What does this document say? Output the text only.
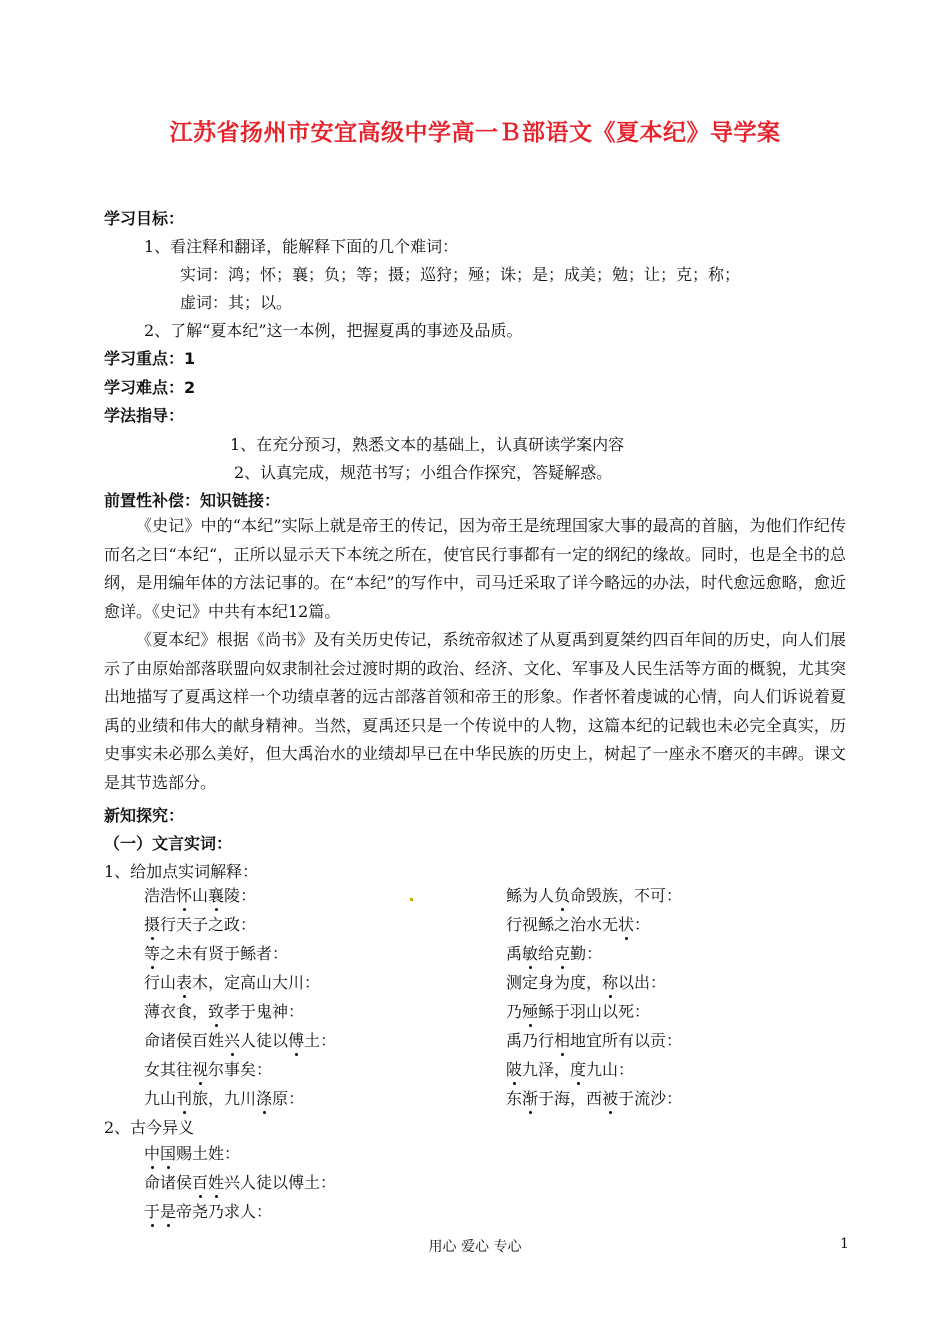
江苏省扬州市安宜高级中学高一Ｂ部语文《夏本纪》导学案
学习目标：
1、看注释和翻译，能解释下面的几个难词：
实词：鸿；怀；襄；负；等；摄；巡狩；殛；诛；是；成美；勉；让；克；称；
虚词：其；以。
2、了解“夏本纪”这一本例，把握夏禹的事迹及品质。
学习重点：1
学习难点：2
学法指导：
1、在充分预习，熟悉文本的基础上，认真研读学案内容
2、认真完成，规范书写；小组合作探究，答疑解惑。
前置性补偿：知识链接：
《史记》中的“本纪”实际上就是帝王的传记，因为帝王是统理国家大事的最高的首脑，为他们作纪传而名之曰“本纪“，正所以显示天下本统之所在，使官民行事都有一定的纲纪的缘故。同时，也是全书的总纲，是用编年体的方法记事的。在“本纪”的写作中，司马迁采取了详今略远的办法，时代愈远愈略，愈近愈详。《史记》中共有本纪12篇。
《夏本纪》根据《尚书》及有关历史传记，系统帝叙述了从夏禹到夏桀约四百年间的历史，向人们展示了由原始部落联盟向奴隶制社会过渡时期的政治、经济、文化、军事及人民生活等方面的概貌，尤其突出地描写了夏禹这样一个功绩卓著的远古部落首领和帝王的形象。作者怀着虔诚的心情，向人们诉说着夏禹的业绩和伟大的献身精神。当然，夏禹还只是一个传说中的人物，这篇本纪的记载也未必完全真实，历史事实未必那么美好，但大禹治水的业绩却早已在中华民族的历史上，树起了一座永不磨灭的丰碑。课文是其节选部分。
新知探究：
（一）文言实词：
1、给加点实词解释：
浩浩怀山襄陵：
摄行天子之政：
等之未有贤于鲧者：
行山表木，定高山大川：
薄衣食，致孝于鬼神：
命诸侯百姓兴人徒以傅土：
女其往视尔事矣：
九山刊旅，九川涤原：
鲧为人负命毁族，不可：
行视鲧之治水无状：
禹敏给克勤：
测定身为度，称以出：
乃殛鲧于羽山以死：
禹乃行相地宜所有以贡：
陂九泽，度九山：
东渐于海，西被于流沙：
2、古今异义
中国赐土姓：
命诸侯百姓兴人徒以傅土：
于是帝尧乃求人：
用心 爱心 专心	1
